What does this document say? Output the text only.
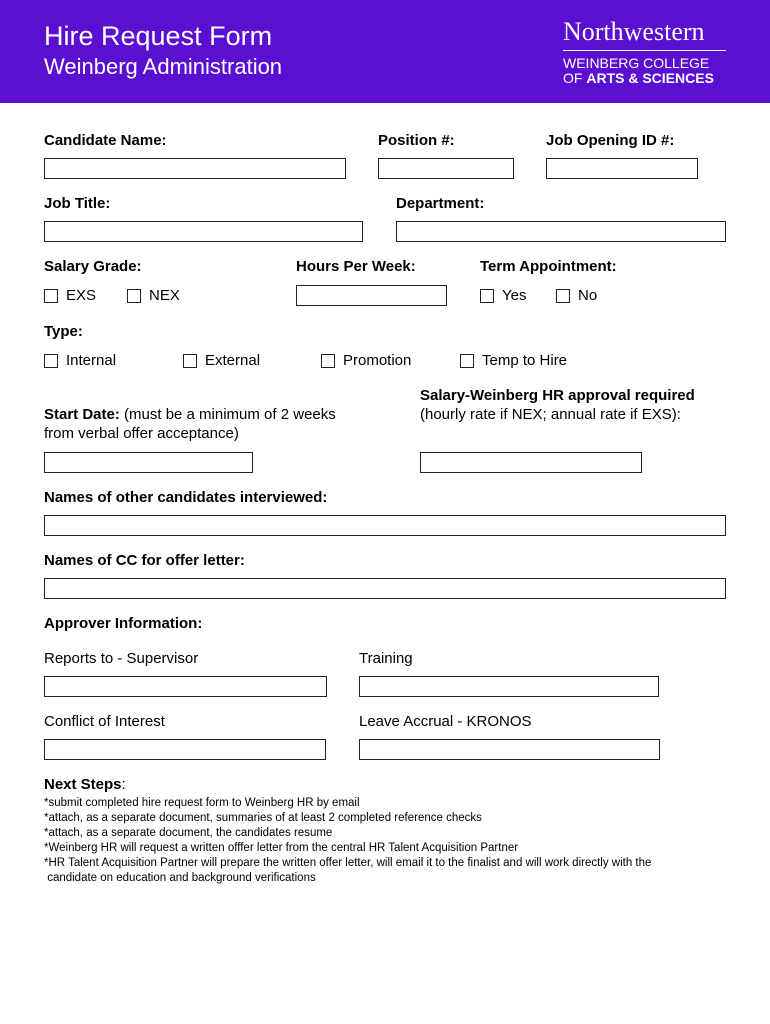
Hire Request Form
Weinberg Administration
Northwestern
WEINBERG COLLEGE
OF ARTS & SCIENCES
Candidate Name:	Position #:	Job Opening ID #:
Job Title:	Department:
Salary Grade:	Hours Per Week:	Term Appointment:
EXS	NEX	Yes	No
Type:
Internal	External	Promotion	Temp to Hire
Start Date: (must be a minimum of 2 weeks from verbal offer acceptance)
Salary-Weinberg HR approval required (hourly rate if NEX; annual rate if EXS):
Names of other candidates interviewed:
Names of CC for offer letter:
Approver Information:
Reports to - Supervisor	Training
Conflict of Interest	Leave Accrual - KRONOS
Next Steps:
*submit completed hire request form to Weinberg HR by email
*attach, as a separate document, summaries of at least 2 completed reference checks
*attach, as a separate document, the candidates resume
*Weinberg HR will request a written offfer letter from the central HR Talent Acquisition Partner
*HR Talent Acquisition Partner will prepare the written offer letter, will email it to the finalist and will work directly with the
candidate on education and background verifications
